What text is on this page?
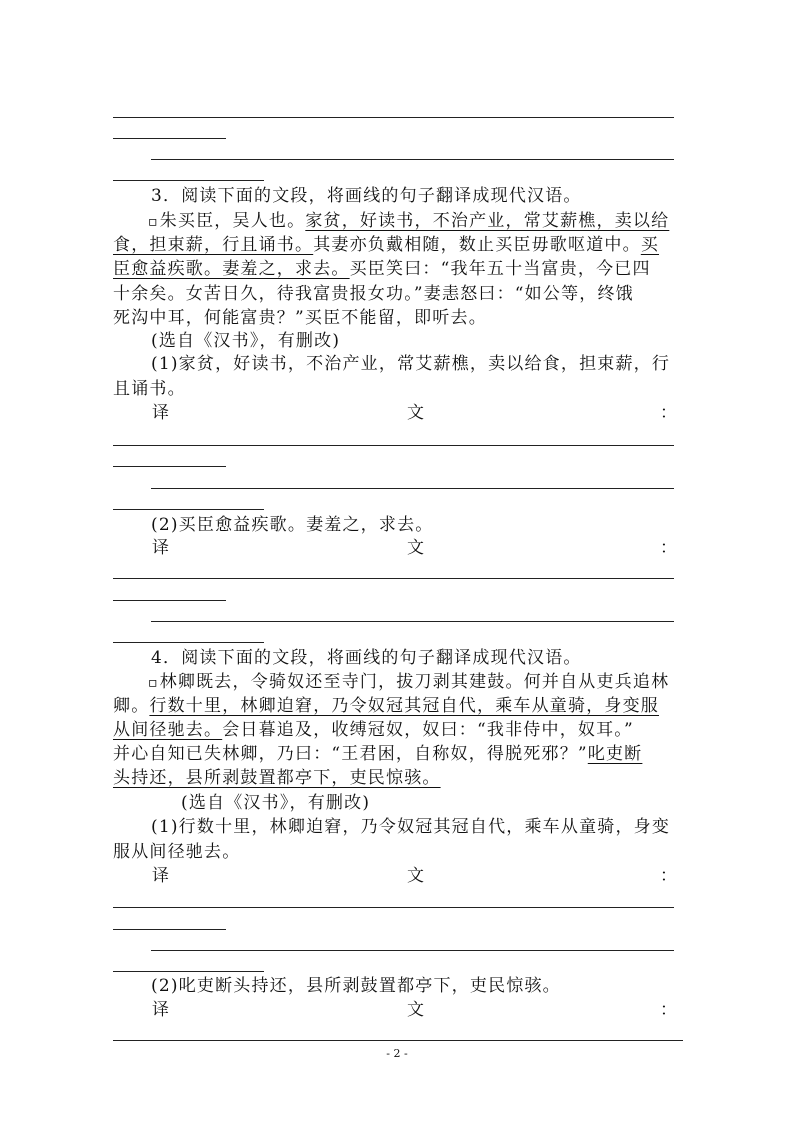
3．阅读下面的文段，将画线的句子翻译成现代汉语。
▫朱买臣，吴人也。家贫，好读书，不治产业，常艾薪樵，卖以给
食，担束薪，行且诵书。其妻亦负戴相随，数止买臣毋歌呕道中。买
臣愈益疾歌。妻羞之，求去。买臣笑曰：“我年五十当富贵，今已四
十余矣。女苦日久，待我富贵报女功。”妻恚怒曰：“如公等，终饿
死沟中耳，何能富贵？”买臣不能留，即听去。
(选自《汉书》，有删改)
(1)家贫，好读书，不治产业，常艾薪樵，卖以给食，担束薪，行
且诵书。
译	文	：
(2)买臣愈益疾歌。妻羞之，求去。
译	文	：
4．阅读下面的文段，将画线的句子翻译成现代汉语。
▫林卿既去，令骑奴还至寺门，拔刀剥其建鼓。何并自从吏兵追林
卿。行数十里，林卿迫窘，乃令奴冠其冠自代，乘车从童骑，身变服
从间径驰去。会日暮追及，收缚冠奴，奴曰：“我非侍中，奴耳。”
并心自知已失林卿，乃曰：“王君困，自称奴，得脱死邪？”叱吏断
头持还，县所剥鼓置都亭下，吏民惊骇。
(选自《汉书》，有删改)
(1)行数十里，林卿迫窘，乃令奴冠其冠自代，乘车从童骑，身变
服从间径驰去。
译	文	：
(2)叱吏断头持还，县所剥鼓置都亭下，吏民惊骇。
译	文	：
- 2 -
